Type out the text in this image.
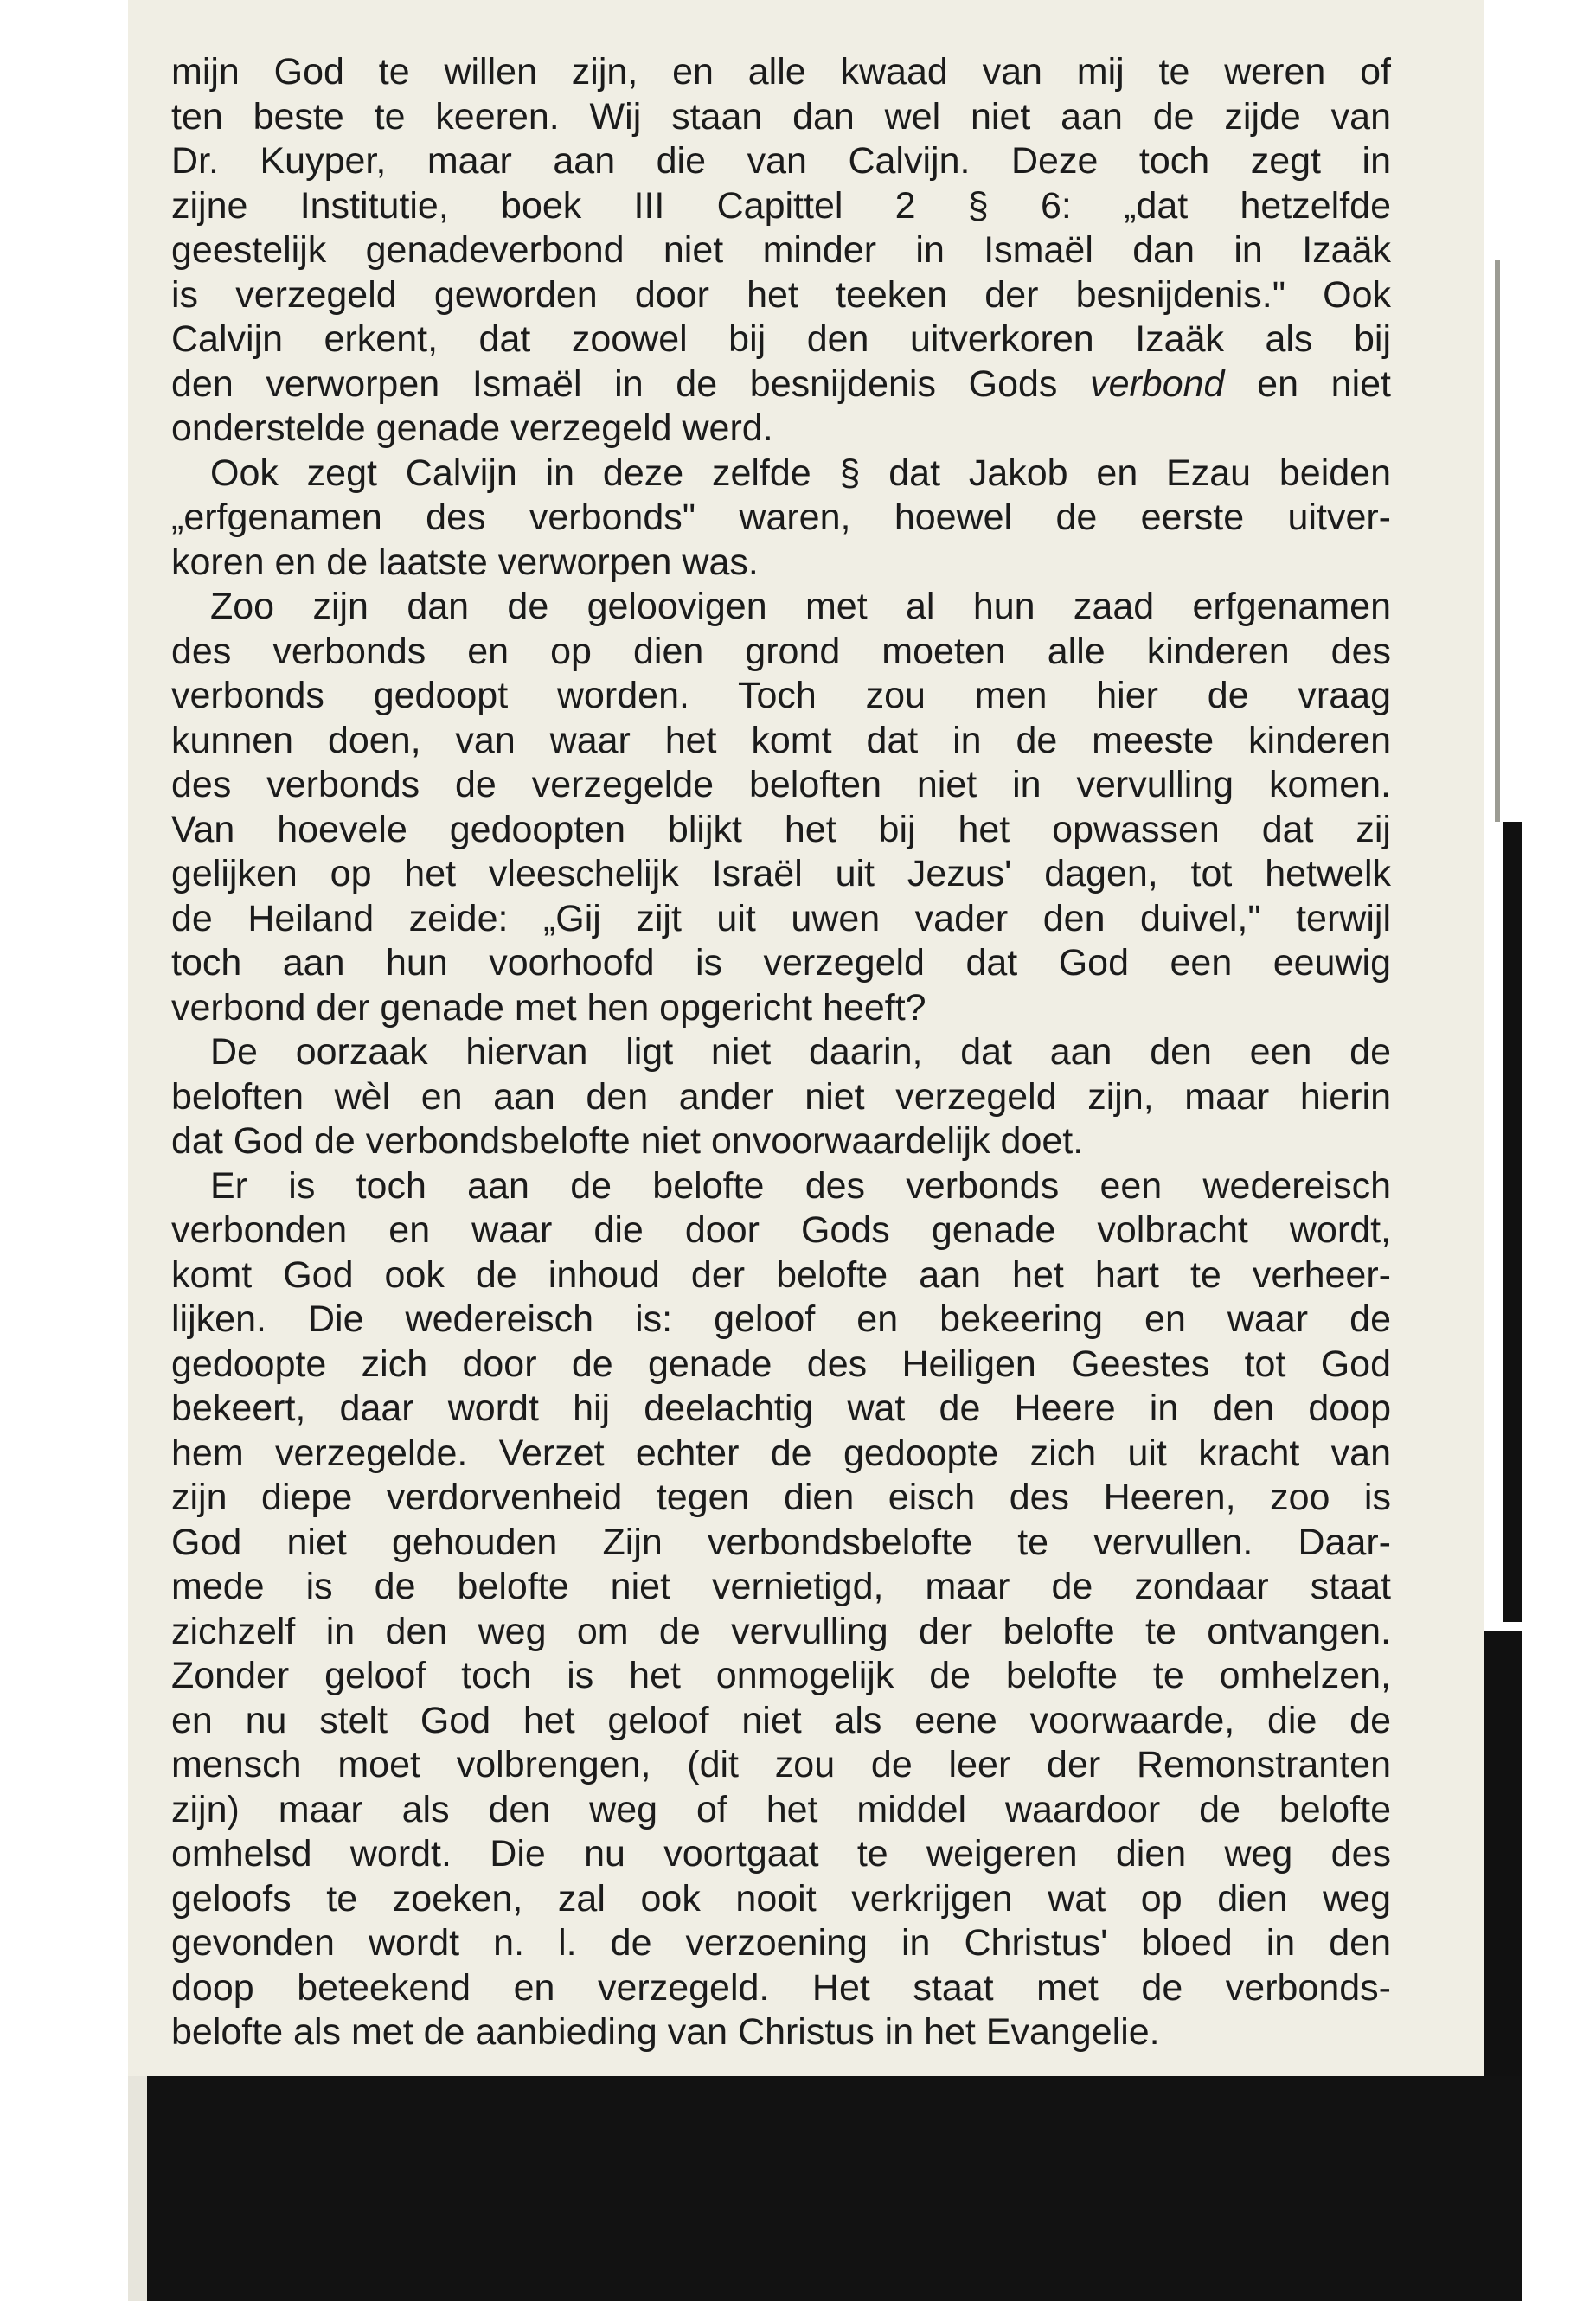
mijn God te willen zijn, en alle kwaad van mij te weren of
ten beste te keeren. Wij staan dan wel niet aan de zijde van
Dr. Kuyper, maar aan die van Calvijn. Deze toch zegt in
zijne Institutie, boek III Capittel 2 § 6: „dat hetzelfde
geestelijk genadeverbond niet minder in Ismaël dan in Izaäk
is verzegeld geworden door het teeken der besnijdenis." Ook
Calvijn erkent, dat zoowel bij den uitverkoren Izaäk als bij
den verworpen Ismaël in de besnijdenis Gods verbond en niet
onderstelde genade verzegeld werd.
Ook zegt Calvijn in deze zelfde § dat Jakob en Ezau beiden
„erfgenamen des verbonds" waren, hoewel de eerste uitver-
koren en de laatste verworpen was.
Zoo zijn dan de geloovigen met al hun zaad erfgenamen
des verbonds en op dien grond moeten alle kinderen des
verbonds gedoopt worden. Toch zou men hier de vraag
kunnen doen, van waar het komt dat in de meeste kinderen
des verbonds de verzegelde beloften niet in vervulling komen.
Van hoevele gedoopten blijkt het bij het opwassen dat zij
gelijken op het vleeschelijk Israël uit Jezus' dagen, tot hetwelk
de Heiland zeide: „Gij zijt uit uwen vader den duivel," terwijl
toch aan hun voorhoofd is verzegeld dat God een eeuwig
verbond der genade met hen opgericht heeft?
De oorzaak hiervan ligt niet daarin, dat aan den een de
beloften wèl en aan den ander niet verzegeld zijn, maar hierin
dat God de verbondsbelofte niet onvoorwaardelijk doet.
Er is toch aan de belofte des verbonds een wedereisch
verbonden en waar die door Gods genade volbracht wordt,
komt God ook de inhoud der belofte aan het hart te verheer-
lijken. Die wedereisch is: geloof en bekeering en waar de
gedoopte zich door de genade des Heiligen Geestes tot God
bekeert, daar wordt hij deelachtig wat de Heere in den doop
hem verzegelde. Verzet echter de gedoopte zich uit kracht van
zijn diepe verdorvenheid tegen dien eisch des Heeren, zoo is
God niet gehouden Zijn verbondsbelofte te vervullen. Daar-
mede is de belofte niet vernietigd, maar de zondaar staat
zichzelf in den weg om de vervulling der belofte te ontvangen.
Zonder geloof toch is het onmogelijk de belofte te omhelzen,
en nu stelt God het geloof niet als eene voorwaarde, die de
mensch moet volbrengen, (dit zou de leer der Remonstranten
zijn) maar als den weg of het middel waardoor de belofte
omhelsd wordt. Die nu voortgaat te weigeren dien weg des
geloofs te zoeken, zal ook nooit verkrijgen wat op dien weg
gevonden wordt n. l. de verzoening in Christus' bloed in den
doop beteekend en verzegeld. Het staat met de verbonds-
belofte als met de aanbieding van Christus in het Evangelie.
